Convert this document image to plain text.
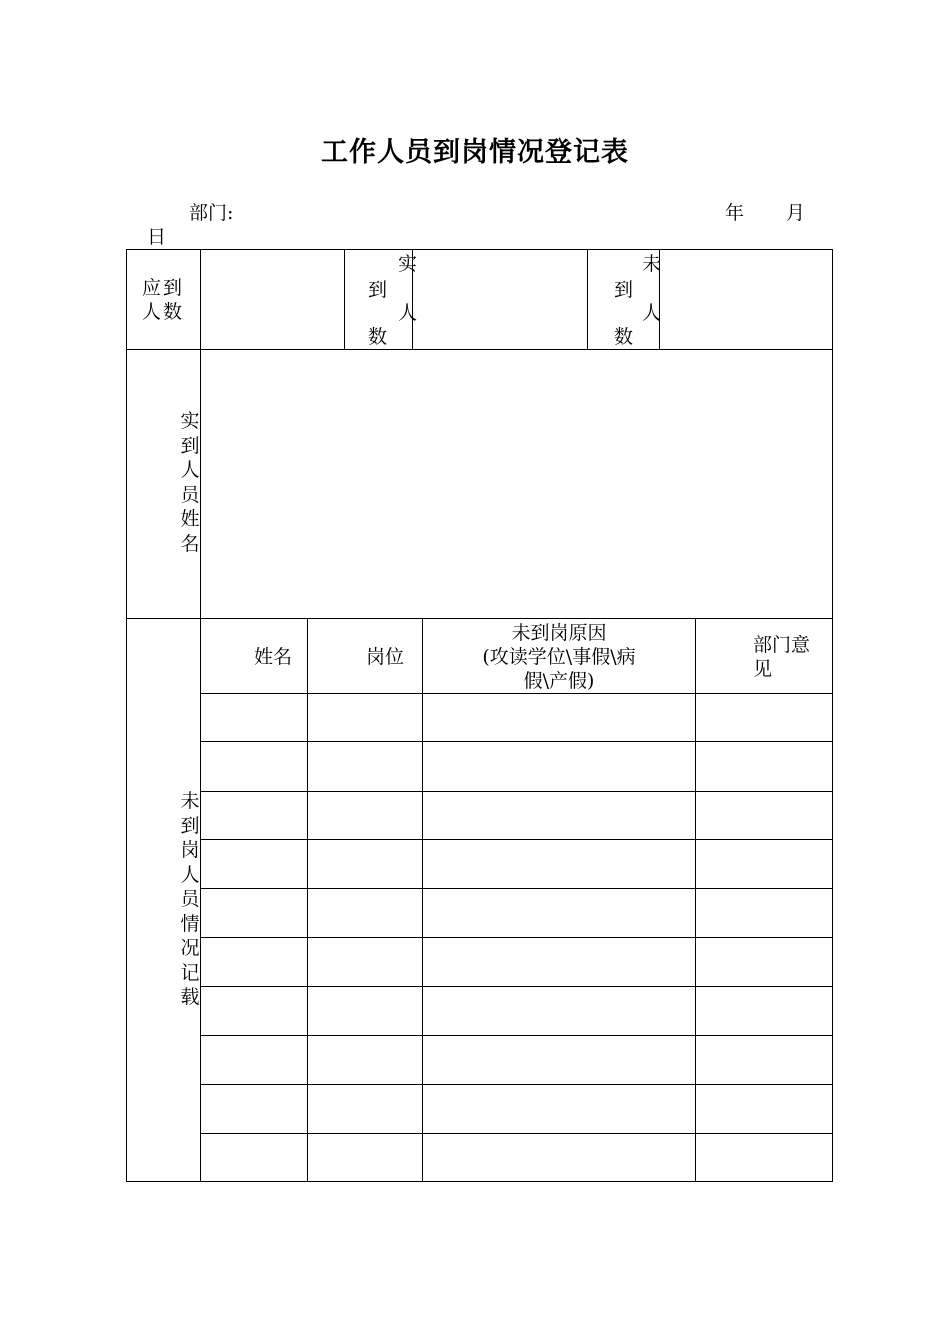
工作人员到岗情况登记表
部门:	年 月
日
应到
人数
实
到
人
数
未
到
人
数
实
到
人
员
姓
名
未
到
岗
人
员
情
况
记
载
姓名	岗位
未到岗原因
(攻读学位\事假\病
假\产假)
部门意
见
